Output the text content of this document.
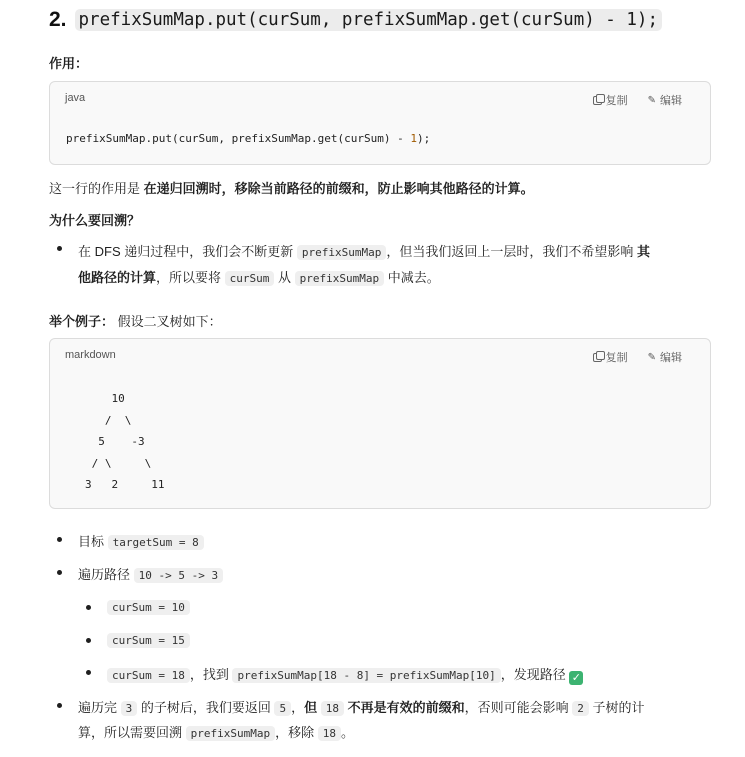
2. prefixSumMap.put(curSum, prefixSumMap.get(curSum) - 1);
作用：
java	复制 ✎ 编辑
prefixSumMap.put(curSum, prefixSumMap.get(curSum) - 1);
这一行的作用是 在递归回溯时，移除当前路径的前缀和，防止影响其他路径的计算。
为什么要回溯？
在 DFS 递归过程中，我们会不断更新 prefixSumMap ，但当我们返回上一层时，我们不希望影响 其
他路径的计算，所以要将 curSum 从 prefixSumMap 中减去。
举个例子： 假设二叉树如下：
markdown	复制 ✎ 编辑
10
/  \
5    -3
/ \     \
3   2     11
目标 targetSum = 8
遍历路径 10 -> 5 -> 3
curSum = 10
curSum = 15
curSum = 18 ，找到 prefixSumMap[18 - 8] = prefixSumMap[10] ，发现路径 ✓
遍历完 3 的子树后，我们要返回 5 ，但 18 不再是有效的前缀和，否则可能会影响 2 子树的计
算，所以需要回溯 prefixSumMap ，移除 18 。
